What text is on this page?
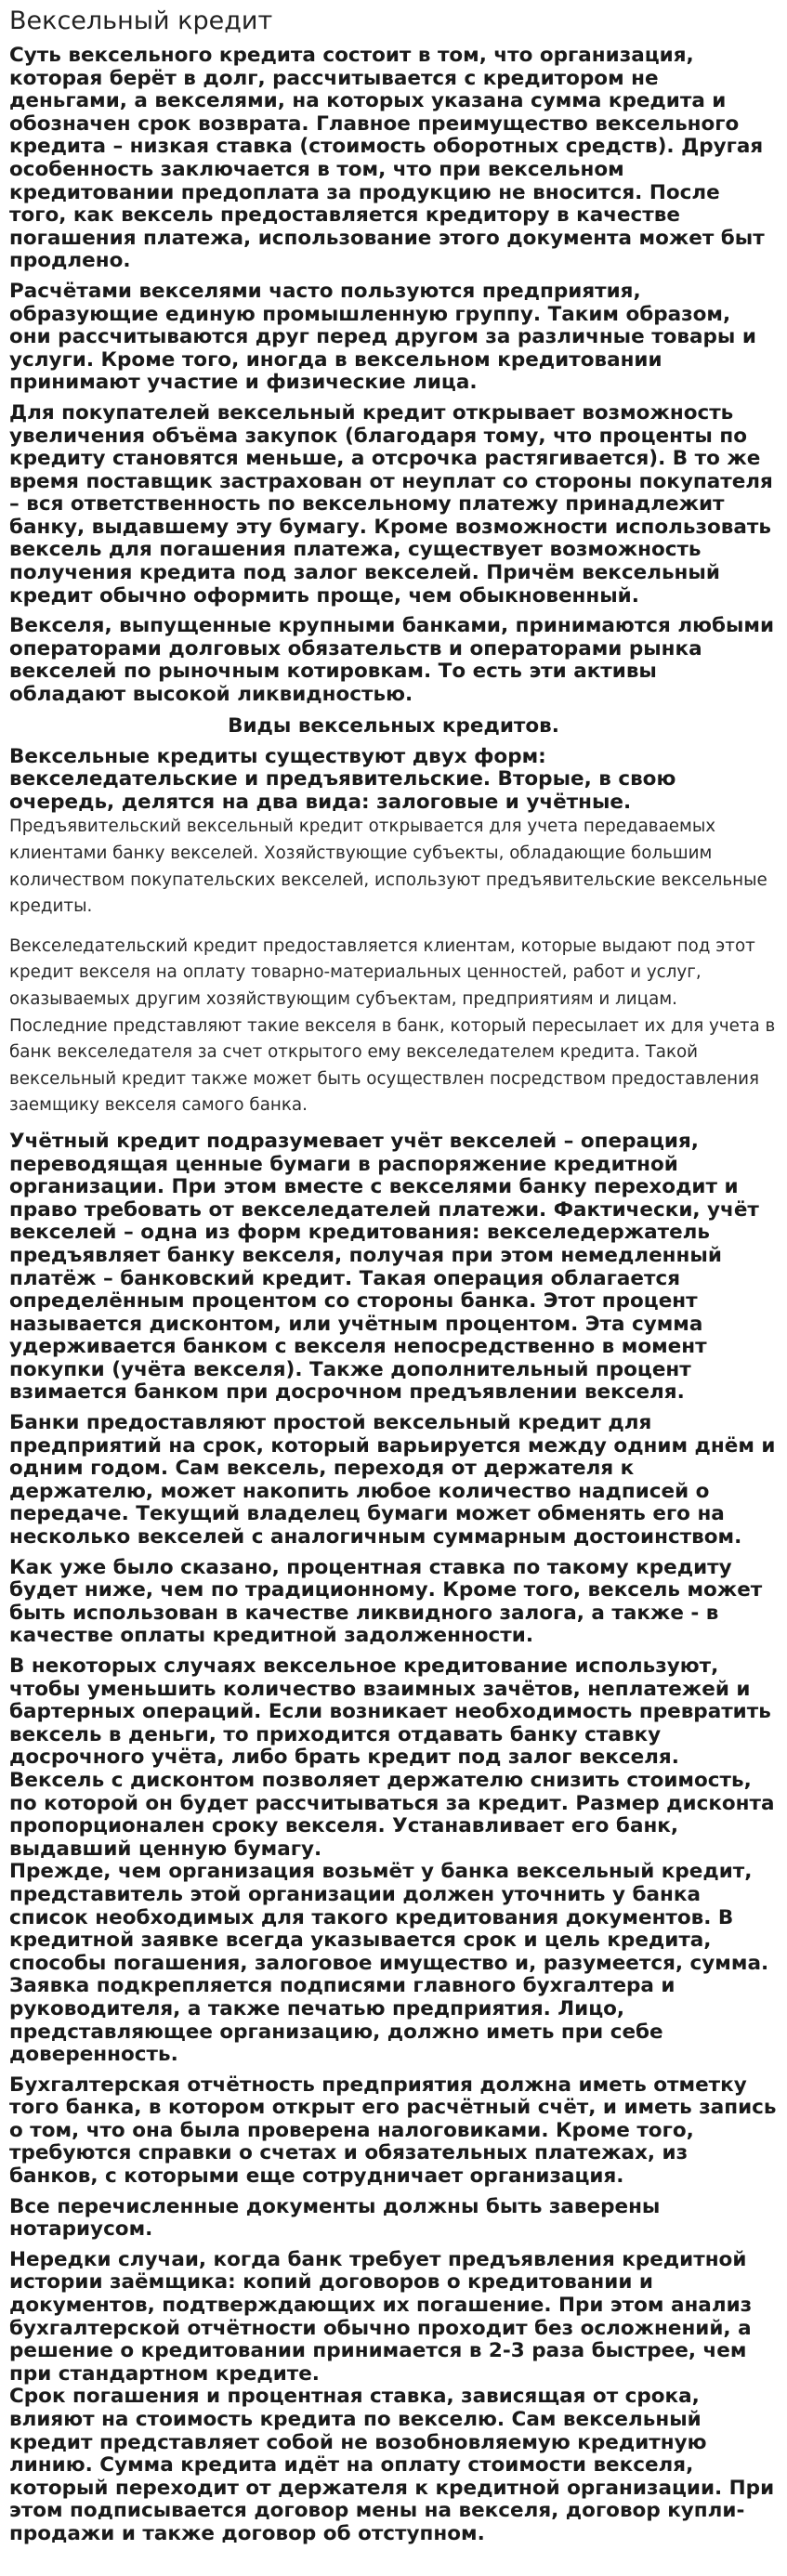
Вексельный кредит

Суть вексельного кредита состоит в том, что организация, которая берёт в долг, рассчитывается с кредитором не деньгами, а векселями, на которых указана сумма кредита и обозначен срок возврата. Главное преимущество вексельного кредита – низкая ставка (стоимость оборотных средств). Другая особенность заключается в том, что при вексельном кредитовании предоплата за продукцию не вносится. После того, как вексель предоставляется кредитору в качестве погашения платежа, использование этого документа может быт продлено.

Расчётами векселями часто пользуются предприятия, образующие единую промышленную группу. Таким образом, они рассчитываются друг перед другом за различные товары и услуги. Кроме того, иногда в вексельном кредитовании принимают участие и физические лица.

Для покупателей вексельный кредит открывает возможность увеличения объёма закупок (благодаря тому, что проценты по кредиту становятся меньше, а отсрочка растягивается). В то же время поставщик застрахован от неуплат со стороны покупателя – вся ответственность по вексельному платежу принадлежит банку, выдавшему эту бумагу. Кроме возможности использовать вексель для погашения платежа, существует возможность получения кредита под залог векселей. Причём вексельный кредит обычно оформить проще, чем обыкновенный.

Векселя, выпущенные крупными банками, принимаются любыми операторами долговых обязательств и операторами рынка векселей по рыночным котировкам. То есть эти активы обладают высокой ликвидностью.

Виды вексельных кредитов.

Вексельные кредиты существуют двух форм: векселедательские и предъявительские. Вторые, в свою очередь, делятся на два вида: залоговые и учётные.

Предъявительский вексельный кредит открывается для учета передаваемых клиентами банку векселей. Хозяйствующие субъекты, обладающие большим количеством покупательских векселей, используют предъявительские вексельные кредиты.

Векселедательский кредит предоставляется клиентам, которые выдают под этот кредит векселя на оплату товарно-материальных ценностей, работ и услуг, оказываемых другим хозяйствующим субъектам, предприятиям и лицам. Последние представляют такие векселя в банк, который пересылает их для учета в банк векселедателя за счет открытого ему векселедателем кредита. Такой вексельный кредит также может быть осуществлен посредством предоставления заемщику векселя самого банка.

Учётный кредит подразумевает учёт векселей – операция, переводящая ценные бумаги в распоряжение кредитной организации. При этом вместе с векселями банку переходит и право требовать от векселедателей платежи. Фактически, учёт векселей – одна из форм кредитования: векселедержатель предъявляет банку векселя, получая при этом немедленный платёж – банковский кредит. Такая операция облагается определённым процентом со стороны банка. Этот процент называется дисконтом, или учётным процентом. Эта сумма удерживается банком с векселя непосредственно в момент покупки (учёта векселя). Также дополнительный процент взимается банком при досрочном предъявлении векселя.

Банки предоставляют простой вексельный кредит для предприятий на срок, который варьируется между одним днём и одним годом. Сам вексель, переходя от держателя к держателю, может накопить любое количество надписей о передаче. Текущий владелец бумаги может обменять его на несколько векселей с аналогичным суммарным достоинством.

Как уже было сказано, процентная ставка по такому кредиту будет ниже, чем по традиционному. Кроме того, вексель может быть использован в качестве ликвидного залога, а также - в качестве оплаты кредитной задолженности.

В некоторых случаях вексельное кредитование используют, чтобы уменьшить количество взаимных зачётов, неплатежей и бартерных операций. Если возникает необходимость превратить вексель в деньги, то приходится отдавать банку ставку досрочного учёта, либо брать кредит под залог векселя. Вексель с дисконтом позволяет держателю снизить стоимость, по которой он будет рассчитываться за кредит. Размер дисконта пропорционален сроку векселя. Устанавливает его банк, выдавший ценную бумагу.

Прежде, чем организация возьмёт у банка вексельный кредит, представитель этой организации должен уточнить у банка список необходимых для такого кредитования документов. В кредитной заявке всегда указывается срок и цель кредита, способы погашения, залоговое имущество и, разумеется, сумма. Заявка подкрепляется подписями главного бухгалтера и руководителя, а также печатью предприятия. Лицо, представляющее организацию, должно иметь при себе доверенность.

Бухгалтерская отчётность предприятия должна иметь отметку того банка, в котором открыт его расчётный счёт, и иметь запись о том, что она была проверена налоговиками. Кроме того, требуются справки о счетах и обязательных платежах, из банков, с которыми еще сотрудничает организация.

Все перечисленные документы должны быть заверены нотариусом.

Нередки случаи, когда банк требует предъявления кредитной истории заёмщика: копий договоров о кредитовании и документов, подтверждающих их погашение. При этом анализ бухгалтерской отчётности обычно проходит без осложнений, а решение о кредитовании принимается в 2-3 раза быстрее, чем при стандартном кредите.

Срок погашения и процентная ставка, зависящая от срока, влияют на стоимость кредита по векселю. Сам вексельный кредит представляет собой не возобновляемую кредитную линию. Сумма кредита идёт на оплату стоимости векселя, который переходит от держателя к кредитной организации. При этом подписывается договор мены на векселя, договор купли-продажи и также договор об отступном.
